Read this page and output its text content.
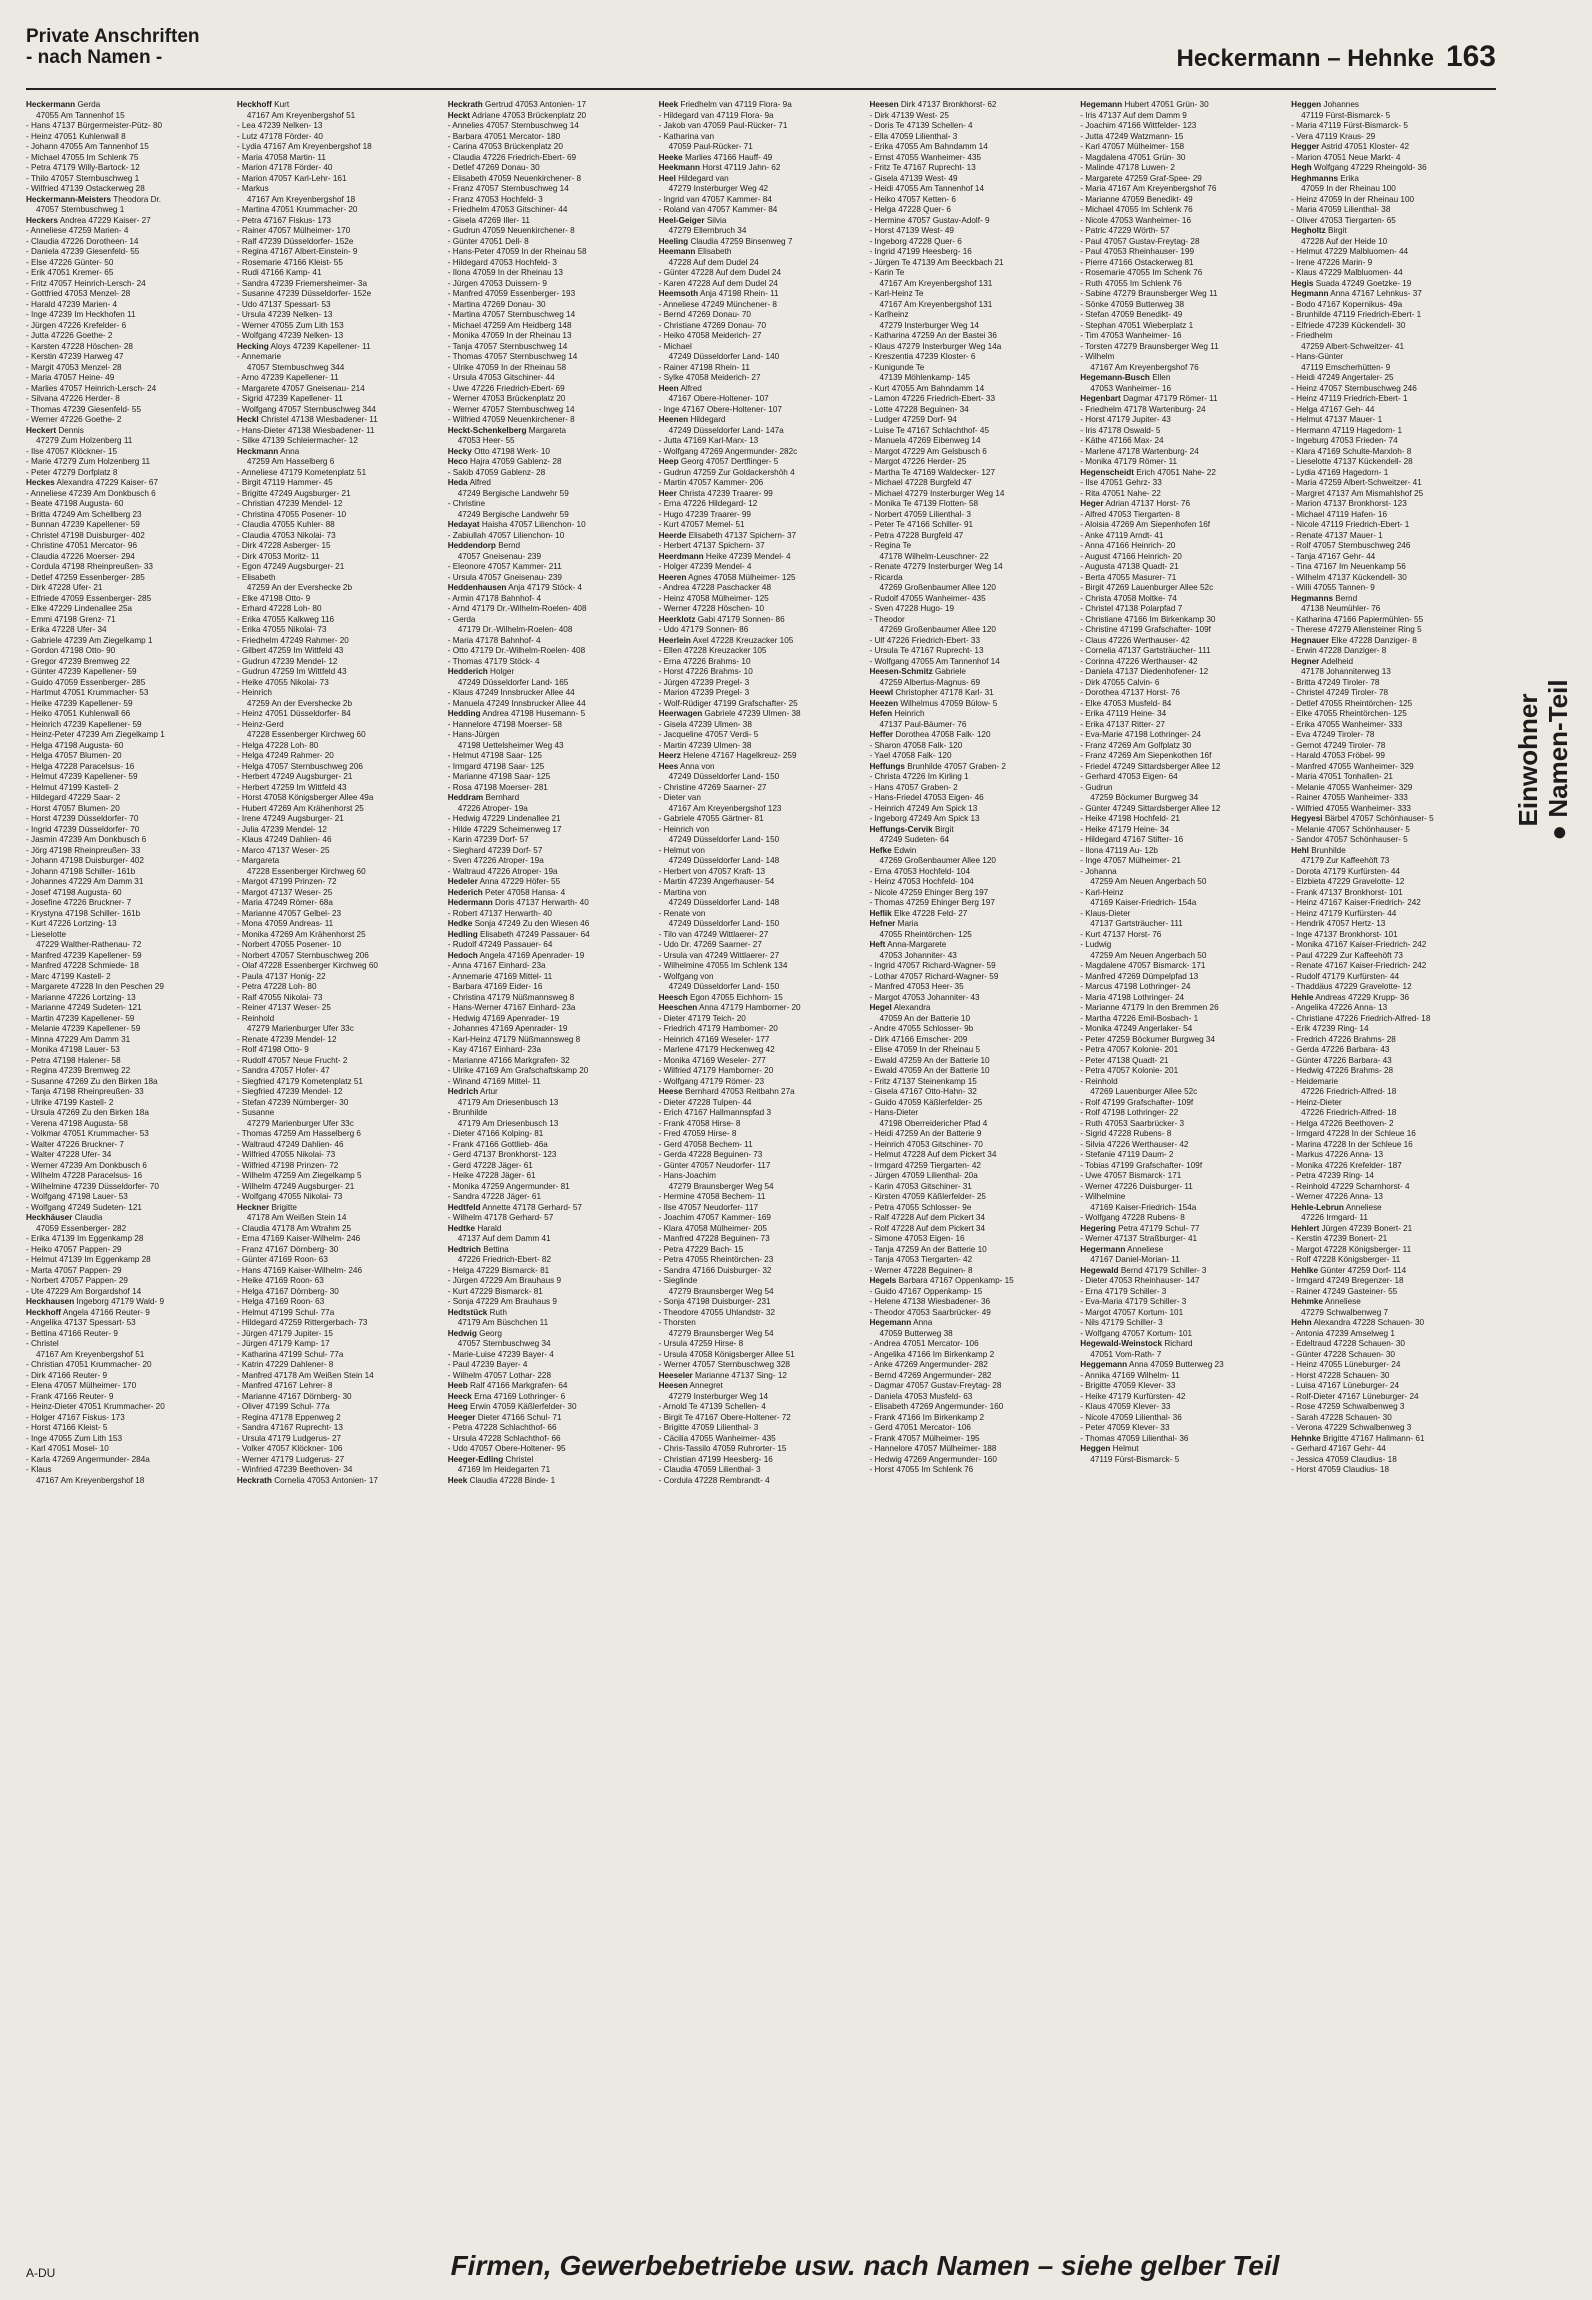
Private Anschriften
- nach Namen -	Heckermann – Hehnke 163
Heckermann Gerda
47055 Am Tannenhof 15
- Hans 47137 Bürgermeister-Pütz- 80
- Heinz 47051 Kuhlenwall 8
- Johann 47055 Am Tannenhof 15
- Michael 47055 Im Schlenk 75
- Petra 47179 Willy-Bartock- 12
- Thilo 47057 Sternbuschweg 1
- Wilfried 47139 Ostackerweg 28
Heckermann-Meisters Theodora Dr.
47057 Sternbuschweg 1
Heckers Andrea 47229 Kaiser- 27
- Anneliese 47259 Marien- 4
- Claudia 47226 Dorotheen- 14
- Daniela 47239 Giesenfeld- 55
- Else 47226 Günter- 50
- Erik 47051 Kremer- 65
- Fritz 47057 Heinrich-Lersch- 24
- Gottfried 47053 Menzel- 28
- Harald 47239 Marien- 4
- Inge 47239 Im Heckhofen 11
- Jürgen 47226 Krefelder- 6
- Jutta 47226 Goethe- 2
- Karsten 47228 Höschen- 28
- Kerstin 47239 Harweg 47
- Margit 47053 Menzel- 28
- Maria 47057 Heine- 49
- Marlies 47057 Heinrich-Lersch- 24
- Silvana 47226 Herder- 8
- Thomas 47239 Giesenfeld- 55
- Werner 47226 Goethe- 2
Heckert Dennis
47279 Zum Holzenberg 11
- Ilse 47057 Klöckner- 15
- Marie 47279 Zum Holzenberg 11
- Peter 47279 Dorfplatz 8
Heckes Alexandra 47229 Kaiser- 67
- Anneliese 47239 Am Donkbusch 6
- Beate 47198 Augusta- 60
- Britta 47249 Am Schellberg 23
- Bunnan 47239 Kapellener- 59
- Christel 47198 Duisburger- 402
- Christine 47051 Mercator- 96
- Claudia 47226 Moerser- 294
- Cordula 47198 Rheinpreußen- 33
- Detlef 47259 Essenberger- 285
- Dirk 47228 Ufer- 21
- Elfriede 47059 Essenberger- 285
- Elke 47229 Lindenallee 25a
- Emmi 47198 Grenz- 71
- Erika 47228 Ufer- 34
- Gabriele 47239 Am Ziegelkamp 1
- Gordon 47198 Otto- 90
- Gregor 47239 Bremweg 22
- Günter 47239 Kapellener- 59
- Guido 47059 Essenberger- 285
- Hartmut 47051 Krummacher- 53
- Heike 47239 Kapellener- 59
- Heiko 47051 Kuhlenwall 66
- Heinrich 47239 Kapellener- 59
- Heinz-Peter 47239 Am Ziegelkamp 1
- Helga 47198 Augusta- 60
- Helga 47057 Blumen- 20
- Helga 47228 Paracelsus- 16
- Helmut 47239 Kapellener- 59
- Helmut 47199 Kastell- 2
- Hildegard 47229 Saar- 2
- Horst 47057 Blumen- 20
- Horst 47239 Düsseldorfer- 70
- Ingrid 47239 Düsseldorfer- 70
- Jasmin 47239 Am Donkbusch 6
- Jörg 47198 Rheinpreußen- 33
- Johann 47198 Duisburger- 402
- Johann 47198 Schiller- 161b
- Johannes 47229 Am Damm 31
- Josef 47198 Augusta- 60
- Josefine 47226 Bruckner- 7
- Krystyna 47198 Schiller- 161b
- Kurt 47226 Lortzing- 13
- Lieselotte
47229 Walther-Rathenau- 72
- Manfred 47239 Kapellener- 59
- Manfred 47228 Schmiede- 18
- Marc 47199 Kastell- 2
- Margarete 47228 In den Peschen 29
- Marianne 47226 Lortzing- 13
- Marianne 47249 Sudeten- 121
- Martin 47239 Kapellener- 59
- Melanie 47239 Kapellener- 59
- Minna 47229 Am Damm 31
- Monika 47198 Lauer- 53
- Petra 47198 Halener- 58
- Regina 47239 Bremweg 22
- Susanne 47269 Zu den Birken 18a
- Tanja 47198 Rheinpreußen- 33
- Ulrike 47199 Kastell- 2
- Ursula 47269 Zu den Birken 18a
- Verena 47198 Augusta- 58
- Volkmar 47051 Krummacher- 53
- Walter 47226 Bruckner- 7
- Walter 47228 Ufer- 34
- Werner 47239 Am Donkbusch 6
- Wilhelm 47228 Paracelsus- 16
- Wilhelmine 47239 Düsseldorfer- 70
- Wolfgang 47198 Lauer- 53
- Wolfgang 47249 Sudeten- 121
Heckhäuser Claudia
47059 Essenberger- 282
- Erika 47139 Im Eggenkamp 28
- Heiko 47057 Pappen- 29
- Helmut 47139 Im Eggenkamp 28
- Marta 47057 Pappen- 29
- Norbert 47057 Pappen- 29
- Ute 47229 Am Borgardshof 14
Heckhausen Ingeborg 47179 Wald- 9
Heckhoff Angela 47166 Reuter- 9
- Angelika 47137 Spessart- 53
- Bettina 47166 Reuter- 9
- Christel
47167 Am Kreyenbergshof 51
- Christian 47051 Krummacher- 20
- Dirk 47166 Reuter- 9
- Elena 47057 Mülheimer- 170
- Frank 47166 Reuter- 9
- Heinz-Dieter 47051 Krummacher- 20
- Holger 47167 Fiskus- 173
- Horst 47166 Kleist- 5
- Inge 47055 Zum Lith 153
- Karl 47051 Mosel- 10
- Karla 47269 Angermunder- 284a
- Klaus
47167 Am Kreyenbergshof 18
Heckhoff Kurt
47167 Am Kreyenbergshof 51
- Lea 47239 Nelken- 13
- Lutz 47178 Förder- 40
- Lydia 47167 Am Kreyenbergshof 18
- Maria 47058 Martin- 11
- Marion 47178 Förder- 40
- Marion 47057 Karl-Lehr- 161
- Markus
47167 Am Kreyenbergshof 18
- Martina 47051 Krummacher- 20
- Petra 47167 Fiskus- 173
- Rainer 47057 Mülheimer- 170
- Ralf 47239 Düsseldorfer- 152e
- Regina 47167 Albert-Einstein- 9
- Rosemarie 47166 Kleist- 55
- Rudi 47166 Kamp- 41
- Sandra 47239 Friemersheimer- 3a
- Susanne 47239 Düsseldorfer- 152e
- Udo 47137 Spessart- 53
- Ursula 47239 Nelken- 13
- Werner 47055 Zum Lith 153
- Wolfgang 47239 Nelken- 13
Hecking Aloys 47239 Kapellener- 11
- Annemarie
47057 Sternbuschweg 344
- Arno 47239 Kapellener- 11
- Margarete 47057 Gneisenau- 214
- Sigrid 47239 Kapellener- 11
- Wolfgang 47057 Sternbuschweg 344
Heckl Christel 47138 Wiesbadener- 11
- Hans-Dieter 47138 Wiesbadener- 11
- Silke 47139 Schleiermacher- 12
Heckmann Anna
47259 Am Hasselberg 6
- Anneliese 47179 Kometenplatz 51
- Birgit 47119 Hammer- 45
- Brigitte 47249 Augsburger- 21
- Christian 47239 Mendel- 12
- Christina 47055 Posener- 10
- Claudia 47055 Kuhler- 88
- Claudia 47053 Nikolai- 73
- Dirk 47228 Asberger- 15
- Dirk 47053 Moritz- 11
- Egon 47249 Augsburger- 21
- Elisabeth
47259 An der Evershecke 2b
- Elke 47198 Otto- 9
- Erhard 47228 Loh- 80
- Erika 47055 Kalkweg 116
- Erika 47055 Nikolai- 73
- Friedhelm 47249 Rahmer- 20
- Gilbert 47259 Im Wittfeld 43
- Gudrun 47239 Mendel- 12
- Gudrun 47259 Im Wittfeld 43
- Heike 47055 Nikolai- 73
- Heinrich
47259 An der Evershecke 2b
- Heinz 47051 Düsseldorfer- 84
- Heinz-Gerd
47228 Essenberger Kirchweg 60
- Helga 47228 Loh- 80
- Helga 47249 Rahmer- 20
- Helga 47057 Sternbuschweg 206
- Herbert 47249 Augsburger- 21
- Herbert 47259 Im Wittfeld 43
- Horst 47058 Königsberger Allee 49a
- Hubert 47269 Am Krähenhorst 25
- Irene 47249 Augsburger- 21
- Julia 47239 Mendel- 12
- Klaus 47249 Dahlien- 46
- Marco 47137 Weser- 25
- Margareta
47228 Essenberger Kirchweg 60
- Margot 47199 Prinzen- 72
- Margot 47137 Weser- 25
- Maria 47249 Römer- 68a
- Marianne 47057 Gelbel- 23
- Mona 47059 Andreas- 11
- Monika 47269 Am Krähenhorst 25
- Norbert 47055 Posener- 10
- Norbert 47057 Sternbuschweg 206
- Olaf 47228 Essenberger Kirchweg 60
- Paula 47137 Honig- 22
- Petra 47228 Loh- 80
- Ralf 47055 Nikolai- 73
- Reiner 47137 Weser- 25
- Reinhold
47279 Marienburger Ufer 33c
- Renate 47239 Mendel- 12
- Rolf 47198 Otto- 9
- Rudolf 47057 Neue Frucht- 2
- Sandra 47057 Hofer- 47
- Siegfried 47179 Kometenplatz 51
- Siegfried 47239 Mendel- 12
- Stefan 47239 Nürnberger- 30
- Susanne
47279 Marienburger Ufer 33c
- Thomas 47259 Am Hasselberg 6
- Waltraud 47249 Dahlien- 46
- Wilfried 47055 Nikolai- 73
- Wilfried 47198 Prinzen- 72
- Wilhelm 47259 Am Ziegelkamp 5
- Wilhelm 47249 Augsburger- 21
- Wolfgang 47055 Nikolai- 73
Heckner Brigitte
47178 Am Weißen Stein 14
- Claudia 47178 Am Wtrahm 25
- Erna 47169 Kaiser-Wilhelm- 246
- Franz 47167 Dörnberg- 30
- Günter 47169 Roon- 63
- Hans 47169 Kaiser-Wilhelm- 246
- Heike 47169 Roon- 63
- Helga 47167 Dörnberg- 30
- Helga 47169 Roon- 63
- Helmut 47199 Schul- 77a
- Hildegard 47259 Rittergerbach- 73
- Jürgen 47179 Jupiter- 15
- Jürgen 47179 Kamp- 17
- Katharina 47199 Schul- 77a
- Katrin 47229 Dahlener- 8
- Manfred 47178 Am Weißen Stein 14
- Manfred 47167 Lehrer- 8
- Marianne 47167 Dörnberg- 30
- Oliver 47199 Schul- 77a
- Regina 47178 Eppenweg 2
- Sandra 47167 Ruprecht- 13
- Ursula 47179 Ludgerus- 27
- Volker 47057 Klöckner- 106
- Werner 47179 Ludgerus- 27
- Winfried 47239 Beethoven- 34
Heckrath Cornelia 47053 Antonien- 17
Heckrath Gertrud 47053 Antonien- 17
Heckt Adriane 47053 Brückenplatz 20
- Annelies 47057 Sternbuschweg 14
- Barbara 47051 Mercator- 180
- Carina 47053 Brückenplatz 20
- Claudia 47226 Friedrich-Ebert- 69
- Detlef 47269 Donau- 30
- Elisabeth 47059 Neuenkirchener- 8
- Franz 47057 Sternbuschweg 14
- Franz 47053 Hochfeld- 3
- Friedhelm 47053 Gitschiner- 44
- Gisela 47269 Iller- 11
- Gudrun 47059 Neuenkirchener- 8
- Günter 47051 Dell- 8
- Hans-Peter 47059 In der Rheinau 58
- Hildegard 47053 Hochfeld- 3
- Ilona 47059 In der Rheinau 13
- Jürgen 47053 Duissern- 9
- Manfred 47059 Essenberger- 193
- Martina 47269 Donau- 30
- Martina 47057 Sternbuschweg 14
- Michael 47259 Am Heidberg 148
- Monika 47059 In der Rheinau 13
- Tanja 47057 Sternbuschweg 14
- Thomas 47057 Sternbuschweg 14
- Ulrike 47059 In der Rheinau 58
- Ursula 47053 Gitschiner- 44
- Uwe 47226 Friedrich-Ebert- 69
- Werner 47053 Brückenplatz 20
- Werner 47057 Sternbuschweg 14
- Wilfried 47059 Neuenkirchener- 8
Heckt-Schenkelberg Margareta
47053 Heer- 55
Hecky Otto 47198 Werk- 10
Heco Hajra 47059 Gablenz- 28
- Sakib 47059 Gablenz- 28
Heda Alfred
47249 Bergische Landwehr 59
- Christine
47249 Bergische Landwehr 59
Hedayat Haisha 47057 Lilienchon- 10
- Zabiullah 47057 Lilienchon- 10
Heddendorp Bernd
47057 Gneisenau- 239
- Eleonore 47057 Kammer- 211
- Ursula 47057 Gneisenau- 239
Heddenhausen Anja 47179 Stöck- 4
- Armin 47178 Bahnhof- 4
- Arnd 47179 Dr.-Wilhelm-Roelen- 408
- Gerda
47179 Dr.-Wilhelm-Roelen- 408
- Maria 47178 Bahnhof- 4
- Otto 47179 Dr.-Wilhelm-Roelen- 408
- Thomas 47179 Stöck- 4
Hedderich Holger
47249 Düsseldorfer Land- 165
- Klaus 47249 Innsbrucker Allee 44
- Manuela 47249 Innsbrucker Allee 44
Hedding Andrea 47198 Husemann- 5
- Hannelore 47198 Moerser- 58
- Hans-Jürgen
47198 Uettelsheimer Weg 43
- Helmut 47198 Saar- 125
- Irmgard 47198 Saar- 125
- Marianne 47198 Saar- 125
- Rosa 47198 Moerser- 281
Heddram Bernhard
47226 Atroper- 19a
- Hedwig 47229 Lindenallee 21
- Hilde 47229 Scheimenweg 17
- Karin 47239 Dorf- 57
- Sieghard 47239 Dorf- 57
- Sven 47226 Atroper- 19a
- Waltraud 47226 Atroper- 19a
Hedeler Anna 47229 Höfer- 55
Hederich Peter 47058 Hansa- 4
Hedermann Doris 47137 Herwarth- 40
- Robert 47137 Herwarth- 40
Hedke Sonja 47249 Zu den Wiesen 46
Hedling Elisabeth 47249 Passauer- 64
- Rudolf 47249 Passauer- 64
Hedoch Angela 47169 Apenrader- 19
- Anna 47167 Einhard- 23a
- Annemarie 47169 Mittel- 11
- Barbara 47169 Eider- 16
- Christina 47179 Nüßmannsweg 8
- Hans-Werner 47167 Einhard- 23a
- Hedwig 47169 Apenrader- 19
- Johannes 47169 Apenrader- 19
- Karl-Heinz 47179 Nüßmannsweg 8
- Kay 47167 Einhard- 23a
- Marianne 47166 Markgrafen- 32
- Ulrike 47169 Am Grafschaftskamp 20
- Winand 47169 Mittel- 11
Hedrich Artur
47179 Am Driesenbusch 13
- Brunhilde
47179 Am Driesenbusch 13
- Dieter 47166 Kolping- 81
- Frank 47166 Gottlieb- 46a
- Gerd 47137 Bronkhorst- 123
- Gerd 47228 Jäger- 61
- Heike 47228 Jäger- 61
- Monika 47259 Angermunder- 81
- Sandra 47228 Jäger- 61
Hedtfeld Annette 47178 Gerhard- 57
- Wilhelm 47178 Gerhard- 57
Hedtke Harald
47137 Auf dem Damm 41
Hedtrich Bettina
47226 Friedrich-Ebert- 82
- Helga 47229 Bismarck- 81
- Jürgen 47229 Am Brauhaus 9
- Kurt 47229 Bismarck- 81
- Sonja 47229 Am Brauhaus 9
Hedtstück Ruth
47179 Am Büschchen 11
Hedwig Georg
47057 Sternbuschweg 34
- Marie-Luise 47239 Bayer- 4
- Paul 47239 Bayer- 4
- Wilhelm 47057 Lothar- 228
Heeb Ralf 47166 Markgrafen- 64
Heeck Erna 47169 Lothringer- 6
Heeg Erwin 47059 Käßlerfelder- 30
Heeger Dieter 47166 Schul- 71
- Petra 47228 Schlachthof- 66
- Ursula 47228 Schlachthof- 66
- Udo 47057 Obere-Holtener- 95
Heeger-Edling Christel
47169 Im Heidegarten 71
Heek Claudia 47228 Binde- 1
Heek Friedhelm van 47119 Flora- 9a
- Hildegard van 47119 Flora- 9a
- Jakob van 47059 Paul-Rücker- 71
- Katharina van
47059 Paul-Rücker- 71
Heeke Marlies 47166 Hauff- 49
Heekmann Horst 47119 Jahn- 62
Heel Hildegard van
47279 Insterburger Weg 42
- Ingrid van 47057 Kammer- 84
- Roland van 47057 Kammer- 84
Heel-Geiger Silvia
47279 Ellernbruch 34
Heeling Claudia 47259 Binsenweg 7
Heemann Elisabeth
47228 Auf dem Dudel 24
- Günter 47228 Auf dem Dudel 24
- Karen 47228 Auf dem Dudel 24
Heemsoth Anja 47198 Rhein- 11
- Anneliese 47249 Münchener- 8
- Bernd 47269 Donau- 70
- Christiane 47269 Donau- 70
- Heiko 47058 Meiderich- 27
- Michael
47249 Düsseldorfer Land- 140
- Rainer 47198 Rhein- 11
- Sylke 47058 Meiderich- 27
Heen Alfred
47167 Obere-Holtener- 107
- Inge 47167 Obere-Holtener- 107
Heenen Hildegard
47249 Düsseldorfer Land- 147a
- Jutta 47169 Karl-Marx- 13
- Wolfgang 47269 Angermunder- 282c
Heep Georg 47057 Dertflinger- 5
- Gudrun 47259 Zur Goldackershöh 4
- Martin 47057 Kammer- 206
Heer Christa 47239 Traarer- 99
- Erna 47226 Hildegard- 12
- Hugo 47239 Traarer- 99
- Kurt 47057 Memel- 51
Heerde Elisabeth 47137 Spichern- 37
- Herbert 47137 Spichern- 37
Heerdmann Heike 47239 Mendel- 4
- Holger 47239 Mendel- 4
Heeren Agnes 47058 Mülheimer- 125
- Andrea 47228 Paschacker 48
- Heinz 47058 Mülheimer- 125
- Werner 47228 Höschen- 10
Heerklotz Gabi 47179 Sonnen- 86
- Udo 47179 Sonnen- 86
Heerlein Axel 47228 Kreuzacker 105
- Ellen 47228 Kreuzacker 105
- Erna 47226 Brahms- 10
- Horst 47226 Brahms- 10
- Jürgen 47239 Pregel- 3
- Marion 47239 Pregel- 3
- Wolf-Rüdiger 47199 Grafschafter- 25
Heerwagen Gabriele 47239 Ulmen- 38
- Gisela 47239 Ulmen- 38
- Jacqueline 47057 Verdi- 5
- Martin 47239 Ulmen- 38
Heerz Helene 47167 Hagelkreuz- 259
Hees Anna von
47249 Düsseldorfer Land- 150
- Christine 47269 Saarner- 27
- Dieter van
47167 Am Kreyenbergshof 123
- Gabriele 47055 Gärtner- 81
- Heinrich von
47249 Düsseldorfer Land- 150
- Helmut von
47249 Düsseldorfer Land- 148
- Herbert von 47057 Kraft- 13
- Martin 47239 Angerhauser- 54
- Martina von
47249 Düsseldorfer Land- 148
- Renate von
47249 Düsseldorfer Land- 150
- Tilo van 47249 Wittlaerer- 27
- Udo Dr. 47269 Saarner- 27
- Ursula van 47249 Wittlaerer- 27
- Wilhelmine 47055 Im Schlenk 134
- Wolfgang von
47249 Düsseldorfer Land- 150
Heesch Egon 47055 Eichhorn- 15
Heeschen Anna 47179 Hamborner- 20
- Dieter 47179 Teich- 20
- Friedrich 47179 Hamborner- 20
- Heinrich 47169 Weseler- 177
- Marlene 47179 Heckenweg 42
- Monika 47169 Weseler- 277
- Wilfried 47179 Hamborner- 20
- Wolfgang 47179 Römer- 23
Heese Bernhard 47053 Reitbahn 27a
- Dieter 47228 Tulpen- 44
- Erich 47167 Hallmannspfad 3
- Frank 47058 Hirse- 8
- Fred 47059 Hirse- 8
- Gerd 47058 Bechem- 11
- Gerda 47228 Beguinen- 73
- Günter 47057 Neudorfer- 117
- Hans-Joachim
47279 Braunsberger Weg 54
- Hermine 47058 Bechem- 11
- Ilse 47057 Neudorfer- 117
- Joachim 47057 Kammer- 169
- Klara 47058 Mülheimer- 205
- Manfred 47228 Beguinen- 73
- Petra 47229 Bach- 15
- Petra 47055 Rheintörchen- 23
- Sandra 47166 Duisburger- 32
- Sieglinde
47279 Braunsberger Weg 54
- Sonja 47198 Duisburger- 231
- Theodore 47055 Uhlandstr- 32
- Thorsten
47279 Braunsberger Weg 54
- Ursula 47259 Hirse- 8
- Ursula 47058 Königsberger Allee 51
- Werner 47057 Sternbuschweg 328
Heeseler Marianne 47137 Sing- 12
Heesen Annegret
47279 Insterburger Weg 14
- Arnold Te 47139 Schellen- 4
- Birgit Te 47167 Obere-Holtener- 72
- Brigitte 47059 Lilienthal- 3
- Cäcilia 47055 Wanheimer- 435
- Chris-Tassilo 47059 Ruhrorter- 15
- Christian 47199 Heesberg- 16
- Claudia 47059 Lilienthal- 3
- Cordula 47228 Rembrandt- 4
Heesen Dirk 47137 Bronkhorst- 62
- Dirk 47139 West- 25
- Doris Te 47139 Schellen- 4
- Ella 47059 Lilienthal- 3
- Erika 47055 Am Bahndamm 14
- Ernst 47055 Wanheimer- 435
- Fritz Te 47167 Ruprecht- 13
- Gisela 47139 West- 49
- Heidi 47055 Am Tannenhof 14
- Heiko 47057 Ketten- 6
- Helga 47228 Quer- 6
- Hermine 47057 Gustav-Adolf- 9
- Horst 47139 West- 49
- Ingeborg 47228 Quer- 6
- Ingrid 47199 Heesberg- 16
- Jürgen Te 47139 Am Beeckbach 21
- Karin Te
47167 Am Kreyenbergshof 131
- Karl-Heinz Te
47167 Am Kreyenbergshof 131
- Karlheinz
47279 Insterburger Weg 14
- Katharina 47259 An der Bastei 36
- Klaus 47279 Insterburger Weg 14a
- Kreszentia 47239 Kloster- 6
- Kunigunde Te
47139 Möhlenkamp- 145
- Kurt 47055 Am Bahndamm 14
- Lamon 47226 Friedrich-Ebert- 33
- Lotte 47228 Beguinen- 34
- Ludger 47259 Dorf- 94
- Luise Te 47167 Schlachthof- 45
- Manuela 47269 Eibenweg 14
- Margot 47229 Am Gelsbusch 6
- Margot 47226 Herder- 25
- Martha Te 47169 Waldecker- 127
- Michael 47228 Burgfeld 47
- Michael 47279 Insterburger Weg 14
- Monika Te 47139 Flotten- 58
- Norbert 47059 Lilienthal- 3
- Peter Te 47166 Schiller- 91
- Petra 47228 Burgfeld 47
- Regina Te
47178 Wilhelm-Leuschner- 22
- Renate 47279 Insterburger Weg 14
- Ricarda
47269 Großenbaumer Allee 120
- Rudolf 47055 Wanheimer- 435
- Sven 47228 Hugo- 19
- Theodor
47269 Großenbaumer Allee 120
- Ulf 47226 Friedrich-Ebert- 33
- Ursula Te 47167 Ruprecht- 13
- Wolfgang 47055 Am Tannenhof 14
Heesen-Schmitz Gabriele
47259 Albertus-Magnus- 69
Heewl Christopher 47178 Karl- 31
Heezen Wilhelmus 47059 Bülow- 5
Hefen Heinrich
47137 Paul-Bäumer- 76
Heffer Dorothea 47058 Falk- 120
- Sharon 47058 Falk- 120
- Yael 47058 Falk- 120
Heffungs Brunhilde 47057 Graben- 2
- Christa 47226 Im Kirling 1
- Hans 47057 Graben- 2
- Hans-Friedel 47053 Eigen- 46
- Heinrich 47249 Am Spick 13
- Ingeborg 47249 Am Spick 13
Heffungs-Cervik Birgit
47249 Sudeten- 64
Hefke Edwin
47269 Großenbaumer Allee 120
- Erna 47053 Hochfeld- 104
- Heinz 47053 Hochfeld- 104
- Nicole 47259 Ehinger Berg 197
- Thomas 47259 Ehinger Berg 197
Heflik Elke 47228 Feld- 27
Hefner Maria
47055 Rheintörchen- 125
Heft Anna-Margarete
47053 Johanniter- 43
- Ingrid 47057 Richard-Wagner- 59
- Lothar 47057 Richard-Wagner- 59
- Manfred 47053 Heer- 35
- Margot 47053 Johanniter- 43
Hegel Alexandra
47059 An der Batterie 10
- Andre 47055 Schlosser- 9b
- Dirk 47166 Emscher- 209
- Elise 47059 In der Rheinau 5
- Ewald 47259 An der Batterie 10
- Ewald 47059 An der Batterie 10
- Fritz 47137 Steinenkamp 15
- Gisela 47167 Otto-Hahn- 32
- Guido 47059 Käßlerfelder- 25
- Hans-Dieter
47198 Oberreidericher Pfad 4
- Heidi 47259 An der Batterie 9
- Heinrich 47053 Gitschiner- 70
- Helmut 47228 Auf dem Pickert 34
- Irmgard 47259 Tiergarten- 42
- Jürgen 47059 Lilienthal- 20a
- Karin 47053 Gitschiner- 31
- Kirsten 47059 Käßlerfelder- 25
- Petra 47055 Schlosser- 9e
- Ralf 47228 Auf dem Pickert 34
- Rolf 47228 Auf dem Pickert 34
- Simone 47053 Eigen- 16
- Tanja 47259 An der Batterie 10
- Tanja 47053 Tiergarten- 42
- Werner 47228 Beguinen- 8
Hegels Barbara 47167 Oppenkamp- 15
- Guido 47167 Oppenkamp- 15
- Helene 47138 Wiesbadener- 36
- Theodor 47053 Saarbrücker- 49
Hegemann Anna
47059 Butterweg 38
- Andrea 47051 Mercator- 106
- Angelika 47166 Im Birkenkamp 2
- Anke 47269 Angermunder- 282
- Bernd 47269 Angermunder- 282
- Dagmar 47057 Gustav-Freytag- 28
- Daniela 47053 Musfeld- 63
- Elisabeth 47269 Angermunder- 160
- Frank 47166 Im Birkenkamp 2
- Gerd 47051 Mercator- 106
- Frank 47057 Mülheimer- 195
- Hannelore 47057 Mülheimer- 188
- Hedwig 47269 Angermunder- 160
- Horst 47055 Im Schlenk 76
Hegemann Hubert 47051 Grün- 30
- Iris 47137 Auf dem Damm 9
- Joachim 47166 Wittfelder- 123
- Jutta 47249 Watzmann- 15
- Karl 47057 Mülheimer- 158
- Magdalena 47051 Grün- 30
- Malinde 47178 Luwen- 2
- Margarete 47259 Graf-Spee- 29
- Maria 47167 Am Kreyenbergshof 76
- Marianne 47059 Benedikt- 49
- Michael 47055 Im Schlenk 76
- Nicole 47053 Wanheimer- 16
- Patric 47229 Wörth- 57
- Paul 47057 Gustav-Freytag- 28
- Paul 47053 Rheinhauser- 199
- Pierre 47166 Ostackerweg 81
- Rosemarie 47055 Im Schenk 76
- Ruth 47055 Im Schlenk 76
- Sabine 47279 Braunsberger Weg 11
- Sönke 47059 Butterweg 38
- Stefan 47059 Benedikt- 49
- Stephan 47051 Wieberplatz 1
- Tim 47053 Wanheimer- 16
- Torsten 47279 Braunsberger Weg 11
- Wilhelm
47167 Am Kreyenbergshof 76
Hegemann-Busch Ellen
47053 Wanheimer- 16
Hegenbart Dagmar 47179 Römer- 11
- Friedhelm 47178 Wartenburg- 24
- Horst 47179 Jupiter- 43
- Iris 47178 Oswald- 5
- Käthe 47166 Max- 24
- Marlene 47178 Wartenburg- 24
- Monika 47179 Römer- 11
Hegenscheidt Erich 47051 Nahe- 22
- Ilse 47051 Gehrz- 33
- Rita 47051 Nahe- 22
Heger Adrian 47137 Horst- 76
- Alfred 47053 Tiergarten- 8
- Aloisia 47269 Am Siepenhofen 16f
- Anke 47119 Arndt- 41
- Anna 47166 Heinrich- 20
- August 47166 Heinrich- 20
- Augusta 47138 Quadt- 21
- Berta 47055 Masurer- 71
- Birgit 47269 Lauenburger Allee 52c
- Christa 47058 Moltke- 74
- Christel 47138 Polarpfad 7
- Christiane 47166 Im Birkenkamp 30
- Christine 47199 Grafschafter- 109f
- Claus 47226 Werthauser- 42
- Cornelia 47137 Gartsträucher- 111
- Corinna 47226 Werthauser- 42
- Daniela 47137 Diedenhofener- 12
- Dirk 47055 Calvin- 6
- Dorothea 47137 Horst- 76
- Elke 47053 Musfeld- 84
- Erika 47119 Heine- 34
- Erika 47137 Ritter- 27
- Eva-Marie 47198 Lothringer- 24
- Franz 47269 Am Golfplatz 30
- Franz 47269 Am Siepenkothen 16f
- Friedel 47249 Sittardsberger Allee 12
- Gerhard 47053 Eigen- 64
- Gudrun
47259 Böckumer Burgweg 34
- Günter 47249 Sittardsberger Allee 12
- Heike 47198 Hochfeld- 21
- Heike 47179 Heine- 34
- Hildegard 47167 Stifter- 16
- Ilona 47119 Au- 12b
- Inge 47057 Mülheimer- 21
- Johanna
47259 Am Neuen Angerbach 50
- Karl-Heinz
47169 Kaiser-Friedrich- 154a
- Klaus-Dieter
47137 Gartsträucher- 111
- Kurt 47137 Horst- 76
- Ludwig
47259 Am Neuen Angerbach 50
- Magdalene 47057 Bismarck- 171
- Manfred 47269 Dümpelpfad 13
- Marcus 47198 Lothringer- 24
- Maria 47198 Lothringer- 24
- Marianne 47179 In den Bremmen 26
- Martha 47226 Emil-Bosbach- 1
- Monika 47249 Angerlaker- 54
- Peter 47259 Böckumer Burgweg 34
- Petra 47057 Kolonie- 201
- Peter 47138 Quadt- 21
- Petra 47057 Kolonie- 201
- Reinhold
47269 Lauenburger Allee 52c
- Rolf 47199 Grafschafter- 109f
- Rolf 47198 Lothringer- 22
- Ruth 47053 Saarbrücker- 3
- Sigrid 47228 Rubens- 8
- Silvia 47226 Werthauser- 42
- Stefanie 47119 Daum- 2
- Tobias 47199 Grafschafter- 109f
- Uwe 47057 Bismarck- 171
- Werner 47226 Duisburger- 11
- Wilhelmine
47169 Kaiser-Friedrich- 154a
- Wolfgang 47228 Rubens- 8
Hegering Petra 47179 Schul- 77
- Werner 47137 Straßburger- 41
Hegermann Anneliese
47167 Daniel-Morian- 11
Hegewald Bernd 47179 Schiller- 3
- Dieter 47053 Rheinhauser- 147
- Erna 47179 Schiller- 3
- Eva-Maria 47179 Schiller- 3
- Margot 47057 Kortum- 101
- Nils 47179 Schiller- 3
- Wolfgang 47057 Kortum- 101
Hegewald-Weinstock Richard
47051 Vom-Rath- 7
Heggemann Anna 47059 Butterweg 23
- Annika 47169 Wilhelm- 11
- Brigitte 47059 Klever- 33
- Heike 47179 Kurfürsten- 42
- Klaus 47059 Klever- 33
- Nicole 47059 Lilienthal- 36
- Peter 47059 Klever- 33
- Thomas 47059 Lilienthal- 36
Heggen Helmut
47119 Fürst-Bismarck- 5
Heggen Johannes
47119 Fürst-Bismarck- 5
- Maria 47119 Fürst-Bismarck- 5
- Vera 47119 Kraus- 29
Hegger Astrid 47051 Kloster- 42
- Marion 47051 Neue Markt- 4
Hegh Wolfgang 47229 Rheingold- 36
Heghmanns Erika
47059 In der Rheinau 100
- Heinz 47059 In der Rheinau 100
- Maria 47059 Lilienthal- 38
- Oliver 47053 Tiergarten- 65
Hegholtz Birgit
47228 Auf der Heide 10
- Helmut 47229 Malbluomen- 44
- Irene 47226 Marin- 9
- Klaus 47229 Malbluomen- 44
Hegis Suada 47249 Goetzke- 19
Hegmann Anna 47167 Lehnkus- 37
- Bodo 47167 Kopernikus- 49a
- Brunhilde 47119 Friedrich-Ebert- 1
- Elfriede 47239 Kückendell- 30
- Friedhelm
47259 Albert-Schweitzer- 41
- Hans-Günter
47119 Emscherhütten- 9
- Heidi 47249 Angertaler- 25
- Heinz 47057 Sternbuschweg 246
- Heinz 47119 Friedrich-Ebert- 1
- Helga 47167 Geh- 44
- Helmut 47137 Mauer- 1
- Hermann 47119 Hagedorn- 1
- Ingeburg 47053 Frieden- 74
- Klara 47169 Schulte-Marxloh- 8
- Lieselotte 47137 Kückendell- 28
- Lydia 47169 Hagedorn- 1
- Maria 47259 Albert-Schweitzer- 41
- Margret 47137 Am Mismahlshof 25
- Marion 47137 Bronkhorst- 123
- Michael 47119 Hafen- 16
- Nicole 47119 Friedrich-Ebert- 1
- Renate 47137 Mauer- 1
- Rolf 47057 Sternbuschweg 246
- Tanja 47167 Gehr- 44
- Tina 47167 Im Neuenkamp 56
- Wilhelm 47137 Kückendell- 30
- Willi 47055 Tannen- 9
Hegmanns Bernd
47138 Neumühler- 76
- Katharina 47166 Papiermühlen- 55
- Therese 47279 Allensteiner Ring 5
Hegnauer Elke 47228 Danziger- 8
- Erwin 47228 Danziger- 8
Hegner Adelheid
47178 Johanniterweg 13
- Britta 47249 Tiroler- 78
- Christel 47249 Tiroler- 78
- Detlef 47055 Rheintörchen- 125
- Elke 47055 Rheintörchen- 125
- Erika 47055 Wanheimer- 333
- Eva 47249 Tiroler- 78
- Gernot 47249 Tiroler- 78
- Harald 47053 Fröbel- 99
- Manfred 47055 Wanheimer- 329
- Maria 47051 Tonhallen- 21
- Melanie 47055 Wanheimer- 329
- Rainer 47055 Wanheimer- 333
- Wilfried 47055 Wanheimer- 333
Hegyesi Bärbel 47057 Schönhauser- 5
- Melanie 47057 Schönhauser- 5
- Sandor 47057 Schönhauser- 5
Hehl Brunhilde
47179 Zur Kaffeehöft 73
- Dorota 47179 Kurfürsten- 44
- Elzbieta 47229 Gravelotte- 12
- Frank 47137 Bronkhorst- 101
- Heinz 47167 Kaiser-Friedrich- 242
- Heinz 47179 Kurfürsten- 44
- Hendrik 47057 Hertz- 13
- Inge 47137 Bronkhorst- 101
- Monika 47167 Kaiser-Friedrich- 242
- Paul 47229 Zur Kaffeehöft 73
- Renate 47167 Kaiser-Friedrich- 242
- Rudolf 47179 Kurfürsten- 44
- Thaddäus 47229 Gravelotte- 12
Hehle Andreas 47229 Krupp- 36
- Angelika 47226 Anna- 13
- Christiane 47226 Friedrich-Alfred- 18
- Erik 47239 Ring- 14
- Fredrich 47226 Brahms- 28
- Gerda 47226 Barbara- 43
- Günter 47226 Barbara- 43
- Hedwig 47226 Brahms- 28
- Heidemarie
47226 Friedrich-Alfred- 18
- Heinz-Dieter
47226 Friedrich-Alfred- 18
- Helga 47226 Beethoven- 2
- Irmgard 47228 In der Schleue 16
- Marina 47228 In der Schleue 16
- Markus 47226 Anna- 13
- Monika 47226 Krefelder- 187
- Petra 47239 Ring- 14
- Reinhold 47229 Scharnhorst- 4
- Werner 47226 Anna- 13
Hehle-Lebrun Anneliese
47226 Irmgard- 11
Hehlert Jürgen 47239 Bonert- 21
- Kerstin 47239 Bonert- 21
- Margot 47228 Königsberger- 11
- Rolf 47228 Königsberger- 11
Hehlke Günter 47259 Dorf- 114
- Irmgard 47249 Bregenzer- 18
- Rainer 47249 Gasteiner- 55
Hehmke Anneliese
47279 Schwalbenweg 7
Hehn Alexandra 47228 Schauen- 30
- Antonia 47239 Amselweg 1
- Edeltraud 47228 Schauen- 30
- Günter 47228 Schauen- 30
- Heinz 47055 Lüneburger- 24
- Horst 47228 Schauen- 30
- Luisa 47167 Lüneburger- 24
- Rolf-Dieter 47167 Lüneburger- 24
- Rose 47259 Schwalbenweg 3
- Sarah 47228 Schauen- 30
- Verona 47229 Schwalbenweg 3
Hehnke Brigitte 47167 Hallmann- 61
- Gerhard 47167 Gehr- 44
- Jessica 47059 Claudius- 18
- Horst 47059 Claudius- 18
Einwohner ● Namen-Teil
Firmen, Gewerbebetriebe usw. nach Namen – siehe gelber Teil
A-DU
